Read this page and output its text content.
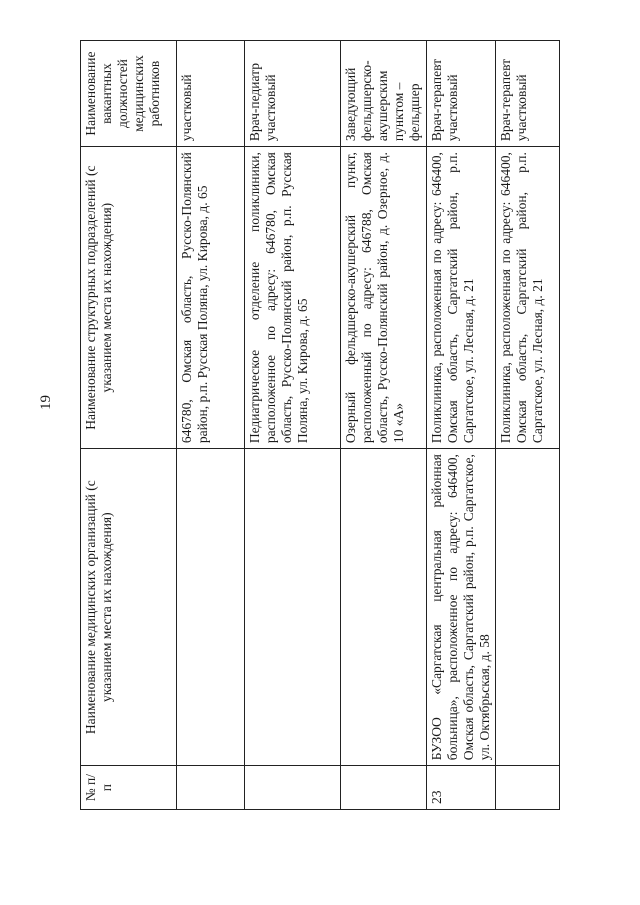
19
№ п/п	Наименование медицинских организаций (с указанием места их нахождения)	Наименование структурных подразделений (с указанием места их нахождения)	Наименование вакантных должностей медицинских работников
		646780, Омская область, Русско-Полянский район, р.п. Русская Поляна, ул. Кирова, д. 65	участковый
		Педиатрическое отделение поликлиники, расположенное по адресу: 646780, Омская область, Русско-Полянский район, р.п. Русская Поляна, ул. Кирова, д. 65	Врач-педиатр участковый
		Озерный фельдшерско-акушерский пункт, расположенный по адресу: 646788, Омская область, Русско-Полянский район, д. Озерное, д. 10 «А»	Заведующий фельдшерско-акушерским пунктом – фельдшер
23	БУЗОО «Саргатская центральная районная больница», расположенное по адресу: 646400, Омская область, Саргатский район, р.п. Саргатское, ул. Октябрьская, д. 58	Поликлиника, расположенная по адресу: 646400, Омская область, Саргатский район, р.п. Саргатское, ул. Лесная, д. 21	Врач-терапевт участковый
		Поликлиника, расположенная по адресу: 646400, Омская область, Саргатский район, р.п. Саргатское, ул. Лесная, д. 21	Врач-терапевт участковый
